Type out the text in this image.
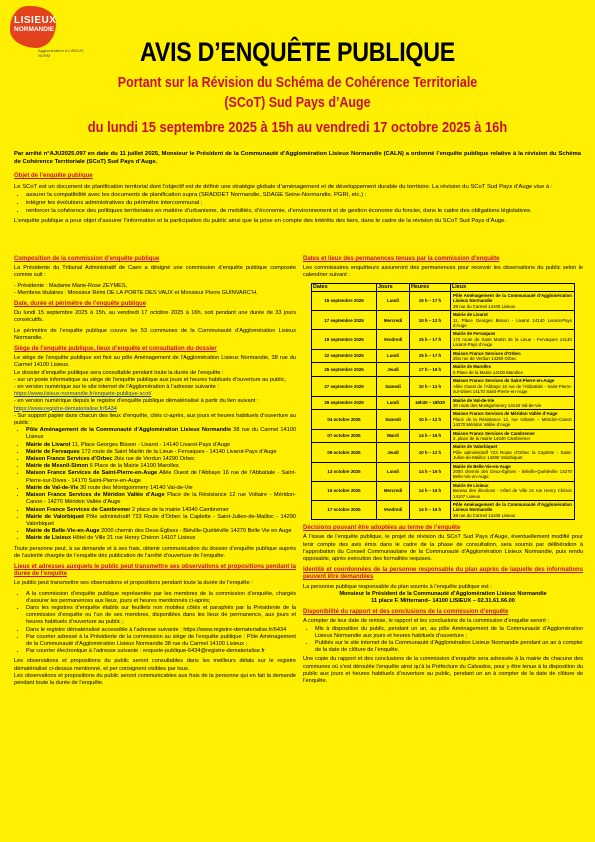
LISIEUX
NORMANDIE
Agglomération à LISIEUX NORM	AVIS D’ENQUÊTE PUBLIQUE
Portant sur la Révision du Schéma de Cohérence Territoriale
(SCoT) Sud Pays d’Auge
du lundi 15 septembre 2025 à 15h au vendredi 17 octobre 2025 à 16h

Par arrêté n°AJU2025.097 en date du 11 juillet 2025, Monsieur le Président de la Communauté d’Agglomération Lisieux Normandie (CALN) a ordonné l’enquête publique relative à la révision du Schéma de Cohérence Territoriale (SCoT) Sud Pays d’Auge.

Objet de l’enquête publique
Le SCoT est un document de planification territorial dont l’objectif est de définir une stratégie globale d’aménagement et de développement durable du territoire. La révision du SCoT Sud Pays d’Auge vise à :
• assurer la compatibilité avec les documents de planification supra (SRADDET Normandie, SDAGE Seine-Normandie, PGRI, etc.) ;
• intégrer les évolutions administratives du périmètre intercommunal ;
• renforcer la cohérence des politiques territoriales en matière d’urbanisme, de mobilités, d’économie, d’environnement et de gestion économe du foncier, dans le cadre des obligations législatives.
L’enquête publique a pour objet d’assurer l’information et la participation du public ainsi que la prise en compte des intérêts des tiers, dans le cadre de la révision du SCoT Sud Pays d’Auge.
Composition de la commission d’enquête publique

La Présidente du Tribunal Administratif de Caen a désigné une commission d’enquête publique composée comme suit :

- Présidente : Madame Marie-Rose ZEYMES,

- Membres titulaires : Monsieur Rémi DE LA PORTE DES VAUX et Monsieur Pierre GUINVARC’H.

Date, durée et périmètre de l’enquête publique

Du lundi 15 septembre 2025 à 15h, au vendredi 17 octobre 2025 à 16h, soit pendant une durée de 33 jours consécutifs.

Le périmètre de l’enquête publique couvre les 53 communes de la Communauté d’Agglomération Lisieux Normandie.

Siège de l’enquête publique, lieux d’enquête et consultation du dossier

Le siège de l’enquête publique est fixé au pôle Aménagement de l’Agglomération Lisieux Normandie, 38 rue du Carmel 14100 Lisieux.

Le dossier d’enquête publique sera consultable pendant toute la durée de l’enquête :

- sur un poste informatique au siège de l’enquête publique aux jours et heures habituels d’ouverture au public,

- en version numérique sur le site internet de l’Agglomération à l’adresse suivante :

https://www.lisieux-normandie.fr/enquete-publique-scot/

- en version numérique depuis le registre d’enquête publique dématérialisé à partir du lien suivant :

https://www.registre-dematerialise.fr/6434

- Sur support papier dans chacun des lieux d’enquête, cités ci-après, aux jours et heures habituels d’ouverture au public :

• Pôle Aménagement de la Communauté d’Agglomération Lisieux Normandie 38 rue du Carmel 14100 Lisieux
• Mairie de Livarot 11, Place Georges Bisson - Livarot - 14140 Livarot-Pays d’Auge
• Mairie de Fervaques 172 route de Saint Martin de la Lieue - Fervaques - 14140 Livarot-Pays d’Auge
• Maison France Services d’Orbec 2bis rue de Verdun 14290 Orbec
• Mairie de Mesnil-Simon 6 Place de la Mairie 14100 Marolles
• Maison France Services de Saint-Pierre-en-Auge Allée Ouest de l’Abbaye 16 rue de l’Abbatiale - Saint-Pierre-sur-Dives - 14170 Saint-Pierre-en-Auge
• Mairie de Val-de-Vie 30 route des Montgommery 14140 Val-de-Vie
• Maison France Services de Méridon Vallée d’Auge Place de la Résistance 12 rue Voltaire - Méridon-Canon - 14270 Méridon Vallée d’Auge
• Maison France Services de Cambremer 2 place de la mairie 14340 Cambremer
• Mairie de Valorbiquet Pôle administratif 723 Route d’Orbec la Caplette - Saint-Julien-de-Mailloc - 14290 Valorbiquet
• Mairie de Belle-Vie-en-Auge 2000 chemin des Deux-Églises - Biéville-Quétiéville 14270 Belle Vie en Auge
• Mairie de Lisieux Hôtel de Ville 21 rue Henry Chéron 14107 Lisieux

Toute personne peut, à sa demande et à ses frais, obtenir communication du dossier d’enquête publique auprès de l’autorité chargée de l’enquête dès publication de l’arrêté d’ouverture de l’enquête.

Lieux et adresses auxquels le public peut transmettre ses observations et propositions pendant la durée de l’enquête

Le public peut transmettre ses observations et propositions pendant toute la durée de l’enquête :

• A la commission d’enquête publique représentée par les membres de la commission d’enquête, chargés d’assurer les permanences aux lieux, jours et heures mentionnés ci-après;
• Dans les registres d’enquête établis sur feuillets non mobiles côtés et paraphés par la Présidente de la commission d’enquête ou l’un de ses membres, disponibles dans les lieux de permanence, aux jours et heures habituels d’ouverture au public ;
• Dans le registre dématérialisé accessible à l’adresse suivante : https://www.registre-dematerialise.fr/6434
• Par courrier adressé à la Présidente de la commission au siège de l’enquête publique : Pôle Aménagement de la Communauté d’Agglomération Lisieux Normandie 38 rue du Carmel 14100 Lisieux ;
• Par courrier électronique à l’adresse suivante : enquete-publique-6434@registre-dematerialise.fr

Les observations et propositions du public seront consultables dans les meilleurs délais sur le registre dématérialisé ci-dessus mentionné, et per consignent visibles par tous.

Les observations et propositions du public seront communicables aux frais de la personne qui en fait la demande pendant toute la durée de l’enquête.

Dates et lieux des permanences tenues par la commission d’enquête

Les commissaires enquêteurs assureront des permanences pour recevoir les observations du public selon le calendrier suivant :

Dates	Jours	Heures	Lieux
15 septembre 2025	Lundi	15 h – 17 h	Pôle Aménagement de la Communauté d’Agglomération Lisieux Normandie
38 rue du Carmel 14100 Lisieux
17 septembre 2025	Mercredi	10 h – 12 h	Mairie de Livarot
11, Place Georges Bisson - Livarot 14140 Livarot-Pays d’Auge
19 septembre 2025	Vendredi	15 h – 17 h	Mairie de Fervaques
172 route de Saint Martin de la Lieue - Fervaques 14140 Livarot-Pays d’Auge
22 septembre 2025	Lundi	15 h – 17 h	Maison France Services d’Orbec
2bis rue de Verdun 14290 Orbec
25 septembre 2025	Jeudi	17 h – 19 h	Mairie de Marolles
6 Place de la Mairie 14100 Marolles
27 septembre 2025	Samedi	10 h – 12 h	Maison France Services de Saint-Pierre-en-Auge
Allée Ouest de l’Abbaye 16 rue de l’Abbatiale - Saint-Pierre-sur-Dives 14170 Saint-Pierre-en-Auge
29 septembre 2025	Lundi	16h30 – 18h30	Mairie de Val-de-Vie
30 route des Montgommery 14140 Val-de-Vie
04 octobre 2025	Samedi	10 h – 12 h	Maison France Services de Méridon Vallée d’Auge
Place de la Résistance 12, rue Voltaire – Méridon-Canon 14270 Méridon Vallée d’Auge
07 octobre 2025	Mardi	14 h – 16 h	Maison France Services de Cambremer
2, place de la mairie 14340 Cambremer
09 octobre 2025	Jeudi	10 h – 12 h	Mairie de Valorbiquet
Pôle administratif 723 Route d’Orbec la Caplette - Saint-Julien-de-Mailloc 14290 Valorbiquet
13 octobre 2025	Lundi	14 h – 16 h	Mairie de Belle-Vie-en-Auge
2000 chemin des Deux-Églises - Biéville-Quétiéville 14270 Belle-Vie-en-Auge
15 octobre 2025	Mercredi	14 h – 16 h	Mairie de Lisieux
Bureau des élections - Hôtel de Ville 21 rue Henry Chéron 14107 Lisieux
17 octobre 2025	Vendredi	14 h – 16 h	Pôle Aménagement de la Communauté d’Agglomération Lisieux Normandie
38 rue du Carmel 14100 Lisieux
Décisions pouvant être adoptées au terme de l’enquête

À l’issue de l’enquête publique, le projet de révision du SCoT Sud Pays d’Auge, éventuellement modifié pour tenir compte des avis émis dans le cadre de la phase de consultation, sera soumis par délibération à l’approbation du Conseil Communautaire de la Communauté d’Agglomération Lisieux Normandie, puis rendu opposable, après exécution des formalités requises.

Identité et coordonnées de la personne responsable du plan auprès de laquelle des informations peuvent être demandées

La personne publique responsable du plan soumis à l’enquête publique est :

Monsieur le Président de la Communauté d’Agglomération Lisieux Normandie

11 place F. Mitterrand– 14100 LISIEUX – 02.31.61.66.00

Disponibilité du rapport et des conclusions de la commission d’enquête

A compter de leur date de remise, le rapport et les conclusions de la commission d’enquête seront :

• Mis à disposition du public, pendant un an, au pôle Aménagement de la Communauté d’Agglomération Lisieux Normandie aux jours et heures habituels d’ouverture ;
• Publiés sur le site internet de la Communauté d’Agglomération Lisieux Normandie pendant un an à compter de la date de clôture de l’enquête.

Une copie du rapport et des conclusions de la commission d’enquête sera adressée à la mairie de chacune des communes où s’est déroulée l’enquête ainsi qu’à la Préfecture du Calvados, pour y être tenue à la disposition du public aux jours et heures habituels d’ouverture au public, pendant un an à compter de la date de clôture de l’enquête.
